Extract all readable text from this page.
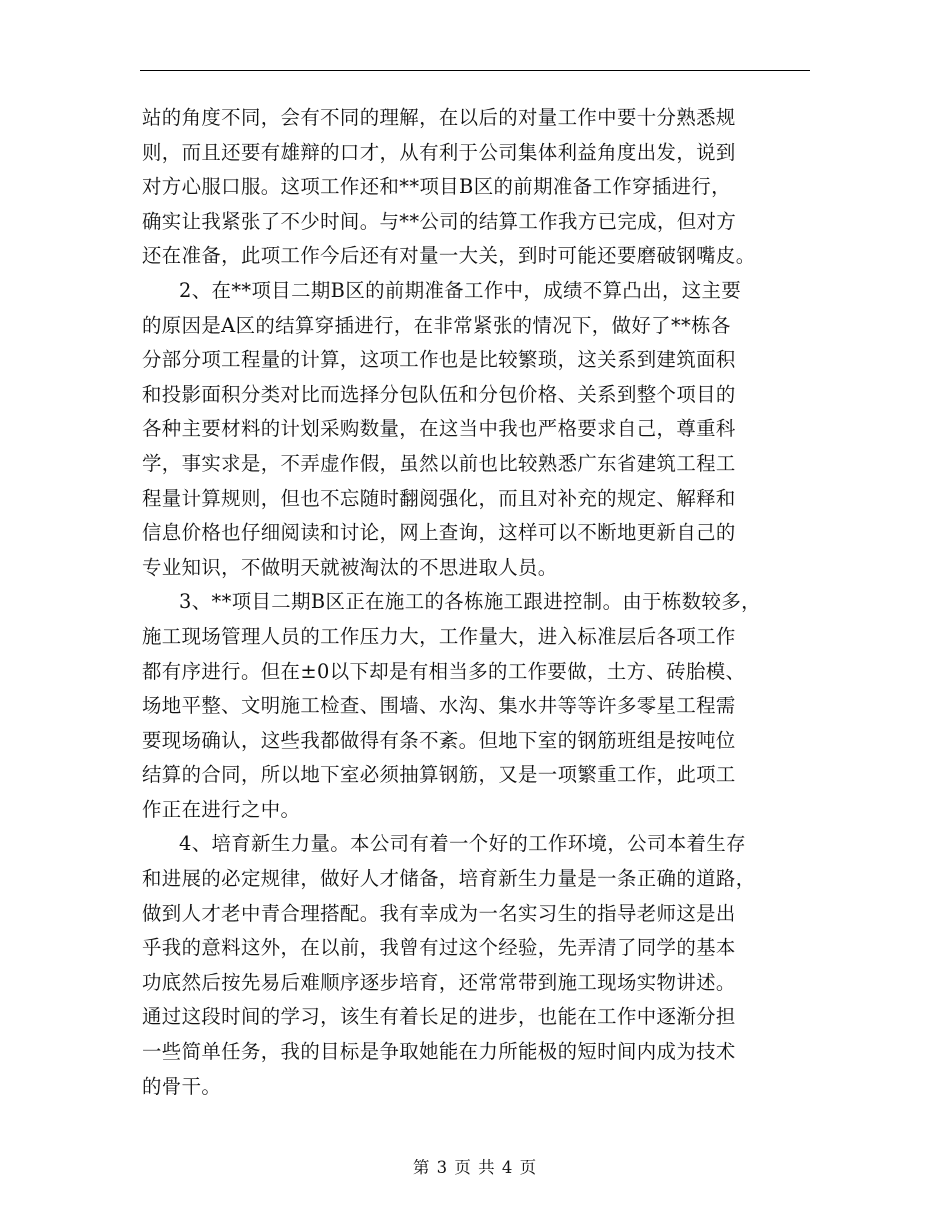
站的角度不同，会有不同的理解，在以后的对量工作中要十分熟悉规
则，而且还要有雄辩的口才，从有利于公司集体利益角度出发，说到
对方心服口服。这项工作还和**项目B区的前期准备工作穿插进行，
确实让我紧张了不少时间。与**公司的结算工作我方已完成，但对方
还在准备，此项工作今后还有对量一大关，到时可能还要磨破钢嘴皮。
2、在**项目二期B区的前期准备工作中，成绩不算凸出，这主要
的原因是A区的结算穿插进行，在非常紧张的情况下，做好了**栋各
分部分项工程量的计算，这项工作也是比较繁琐，这关系到建筑面积
和投影面积分类对比而选择分包队伍和分包价格、关系到整个项目的
各种主要材料的计划采购数量，在这当中我也严格要求自己，尊重科
学，事实求是，不弄虚作假，虽然以前也比较熟悉广东省建筑工程工
程量计算规则，但也不忘随时翻阅强化，而且对补充的规定、解释和
信息价格也仔细阅读和讨论，网上查询，这样可以不断地更新自己的
专业知识，不做明天就被淘汰的不思进取人员。
3、**项目二期B区正在施工的各栋施工跟进控制。由于栋数较多，
施工现场管理人员的工作压力大，工作量大，进入标准层后各项工作
都有序进行。但在±0以下却是有相当多的工作要做，土方、砖胎模、
场地平整、文明施工检查、围墙、水沟、集水井等等许多零星工程需
要现场确认，这些我都做得有条不紊。但地下室的钢筋班组是按吨位
结算的合同，所以地下室必须抽算钢筋，又是一项繁重工作，此项工
作正在进行之中。
4、培育新生力量。本公司有着一个好的工作环境，公司本着生存
和进展的必定规律，做好人才储备，培育新生力量是一条正确的道路，
做到人才老中青合理搭配。我有幸成为一名实习生的指导老师这是出
乎我的意料这外，在以前，我曾有过这个经验，先弄清了同学的基本
功底然后按先易后难顺序逐步培育，还常常带到施工现场实物讲述。
通过这段时间的学习，该生有着长足的进步，也能在工作中逐渐分担
一些简单任务，我的目标是争取她能在力所能极的短时间内成为技术
的骨干。
第 3 页 共 4 页
